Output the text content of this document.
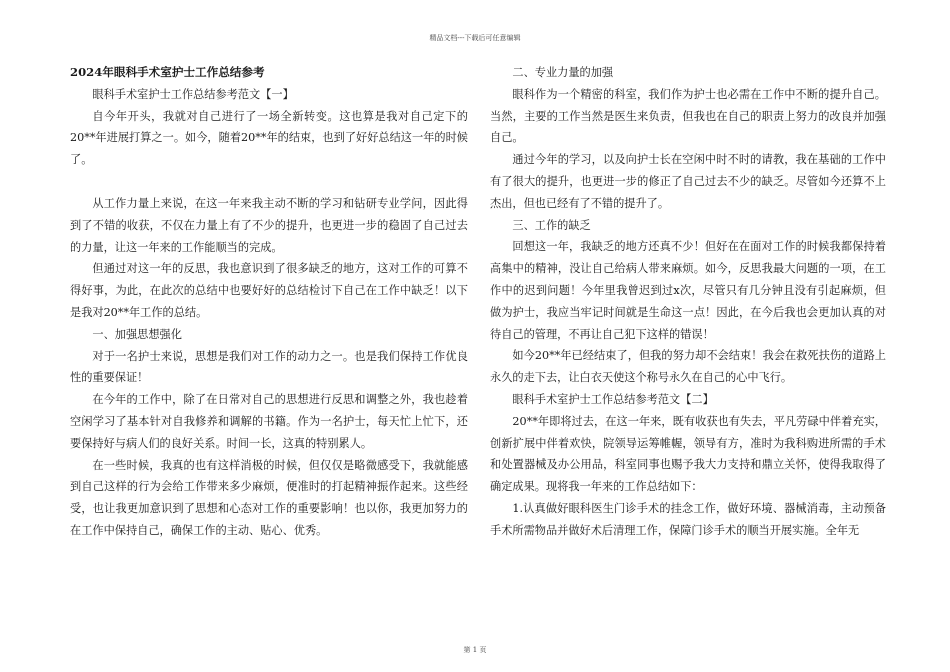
精品文档---下载后可任意编辑

2024年眼科手术室护士工作总结参考

眼科手术室护士工作总结参考范文【一】

自今年开头，我就对自己进行了一场全新转变。这也算是我对自己定下的20**年进展打算之一。如今，随着20**年的结束，也到了好好总结这一年的时候了。

从工作力量上来说，在这一年来我主动不断的学习和钻研专业学问，因此得到了不错的收获，不仅在力量上有了不少的提升，也更进一步的稳固了自己过去的力量，让这一年来的工作能顺当的完成。

但通过对这一年的反思，我也意识到了很多缺乏的地方，这对工作的可算不得好事，为此，在此次的总结中也要好好的总结检讨下自己在工作中缺乏！以下是我对20**年工作的总结。

一、加强思想强化

对于一名护士来说，思想是我们对工作的动力之一。也是我们保持工作优良性的重要保证！

在今年的工作中，除了在日常对自己的思想进行反思和调整之外，我也趁着空闲学习了基本针对自我修养和调解的书籍。作为一名护士，每天忙上忙下，还要保持好与病人们的良好关系。时间一长，这真的特别累人。

在一些时候，我真的也有这样消极的时候，但仅仅是略微感受下，我就能感到自己这样的行为会给工作带来多少麻烦，便准时的打起精神振作起来。这些经受，也让我更加意识到了思想和心态对工作的重要影响！也以你，我更加努力的在工作中保持自己，确保工作的主动、贴心、优秀。

二、专业力量的加强

眼科作为一个精密的科室，我们作为护士也必需在工作中不断的提升自己。当然，主要的工作当然是医生来负责，但我也在自己的职责上努力的改良并加强自己。

通过今年的学习，以及向护士长在空闲中时不时的请教，我在基础的工作中有了很大的提升，也更进一步的修正了自己过去不少的缺乏。尽管如今还算不上杰出，但也已经有了不错的提升了。

三、工作的缺乏

回想这一年，我缺乏的地方还真不少！但好在在面对工作的时候我都保持着高集中的精神，没让自己给病人带来麻烦。如今，反思我最大问题的一项，在工作中的迟到问题！今年里我曾迟到过x次，尽管只有几分钟且没有引起麻烦，但做为护士，我应当牢记时间就是生命这一点！因此，在今后我也会更加认真的对待自己的管理，不再让自己犯下这样的错误！

如今20**年已经结束了，但我的努力却不会结束！我会在救死扶伤的道路上永久的走下去，让白衣天使这个称号永久在自己的心中飞行。

眼科手术室护士工作总结参考范文【二】

20**年即将过去，在这一年来，既有收获也有失去，平凡劳碌中伴着充实，创新扩展中伴着欢快，院领导运筹帷幄，领导有方，准时为我科购进所需的手术和处置器械及办公用品，科室同事也赐予我大力支持和鼎立关怀，使得我取得了确定成果。现将我一年来的工作总结如下：

1.认真做好眼科医生门诊手术的挂念工作，做好环境、器械消毒，主动预备手术所需物品并做好术后清理工作，保障门诊手术的顺当开展实施。全年无

第 1 页
